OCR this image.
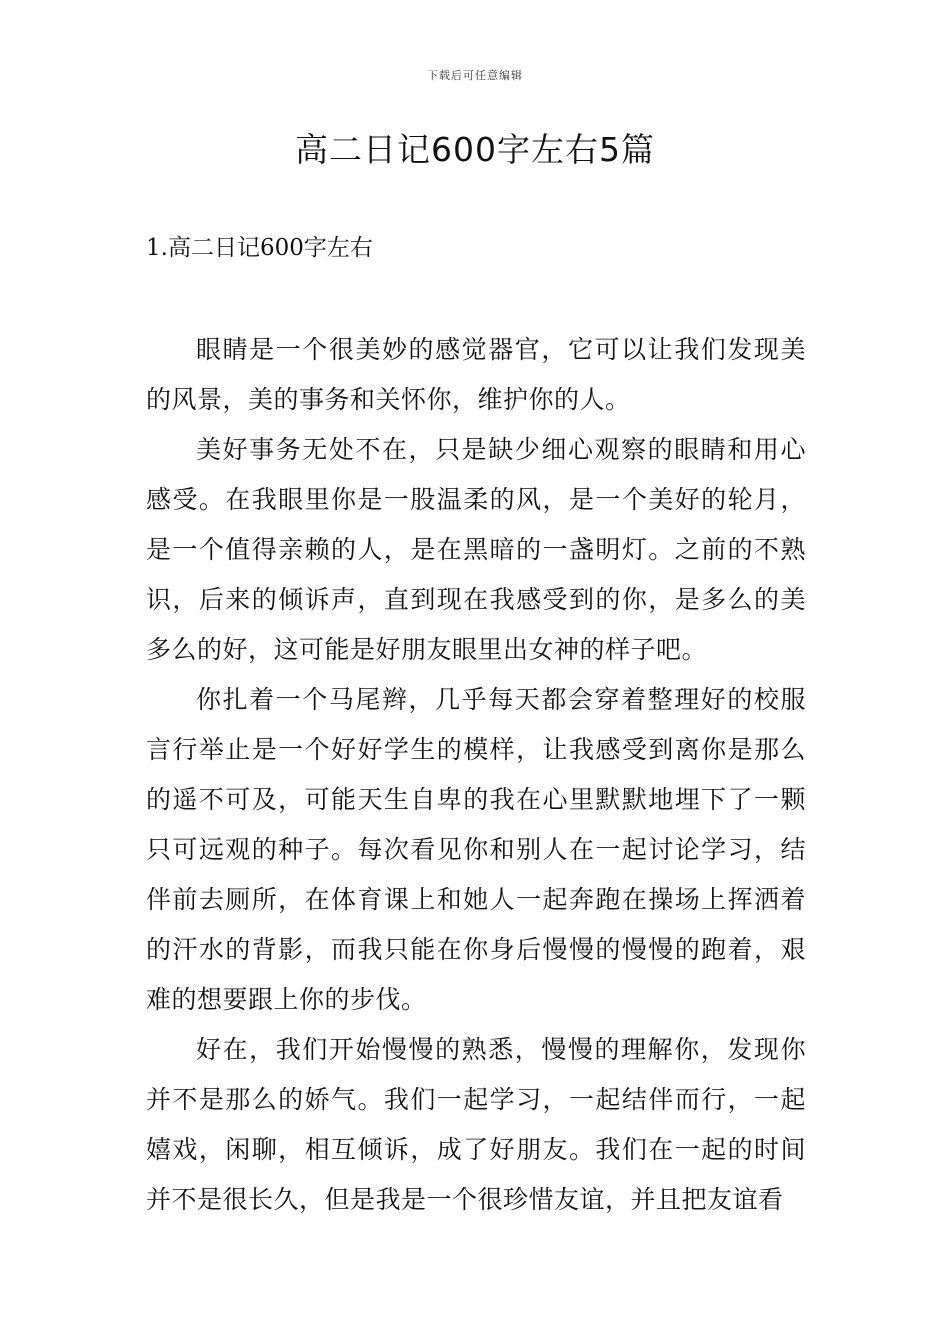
下载后可任意编辑
高二日记600字左右5篇
1.高二日记600字左右

眼睛是一个很美妙的感觉器官，它可以让我们发现美的风景，美的事务和关怀你，维护你的人。

美好事务无处不在，只是缺少细心观察的眼睛和用心感受。在我眼里你是一股温柔的风，是一个美好的轮月，是一个值得亲赖的人，是在黑暗的一盏明灯。之前的不熟识，后来的倾诉声，直到现在我感受到的你，是多么的美多么的好，这可能是好朋友眼里出女神的样子吧。

你扎着一个马尾辫，几乎每天都会穿着整理好的校服言行举止是一个好好学生的模样，让我感受到离你是那么的遥不可及，可能天生自卑的我在心里默默地埋下了一颗只可远观的种子。每次看见你和别人在一起讨论学习，结伴前去厕所，在体育课上和她人一起奔跑在操场上挥洒着的汗水的背影，而我只能在你身后慢慢的慢慢的跑着，艰难的想要跟上你的步伐。

好在，我们开始慢慢的熟悉，慢慢的理解你，发现你并不是那么的娇气。我们一起学习，一起结伴而行，一起嬉戏，闲聊，相互倾诉，成了好朋友。我们在一起的时间并不是很长久，但是我是一个很珍惜友谊，并且把友谊看
